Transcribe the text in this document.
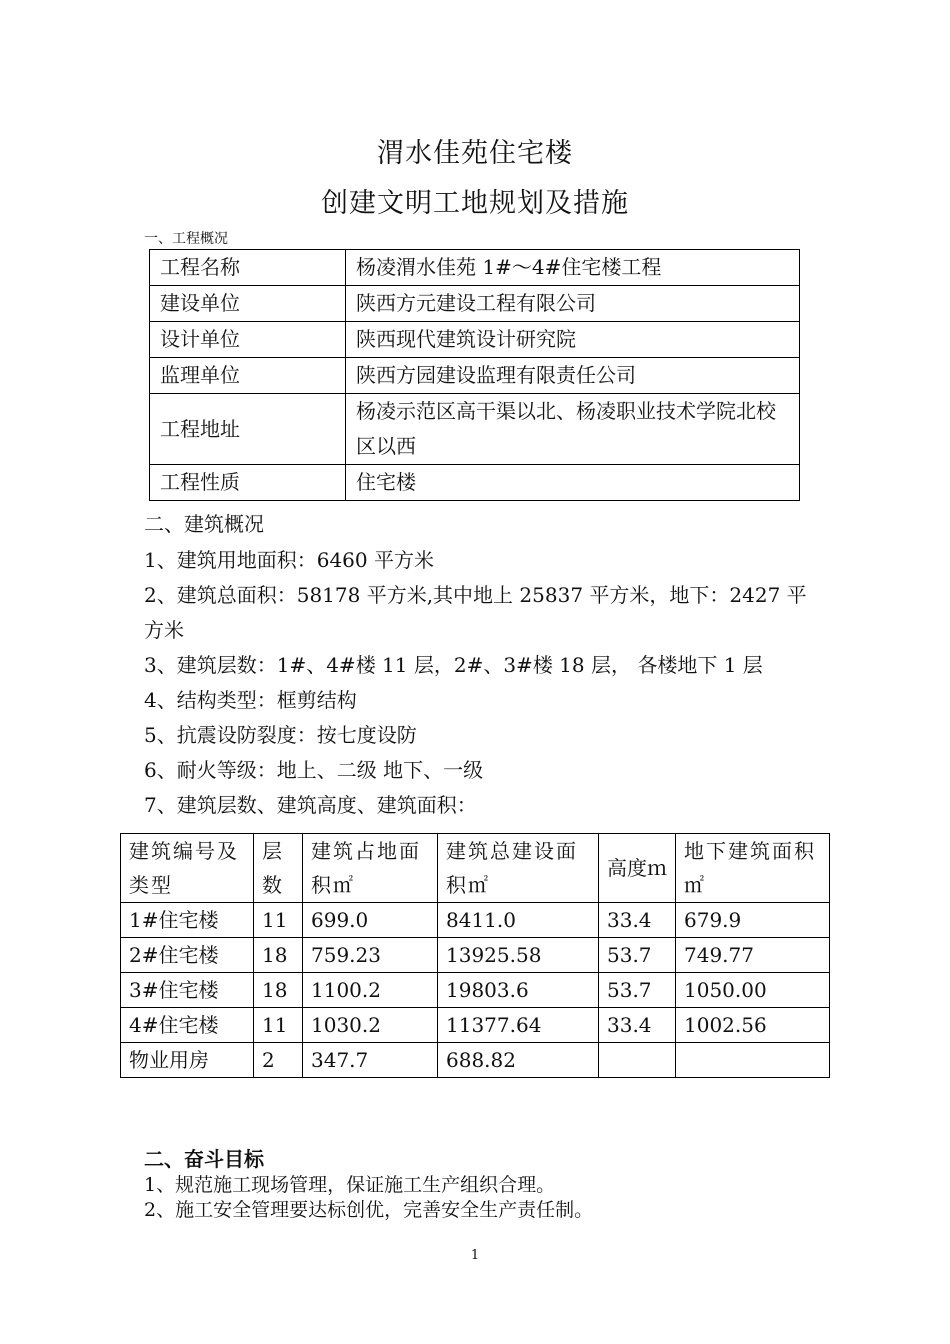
渭水佳苑住宅楼
创建文明工地规划及措施
一、工程概况
工程名称	杨凌渭水佳苑 1#～4#住宅楼工程
建设单位	陕西方元建设工程有限公司
设计单位	陕西现代建筑设计研究院
监理单位	陕西方园建设监理有限责任公司
工程地址	杨凌示范区高干渠以北、杨凌职业技术学院北校区以西
工程性质	住宅楼
二、建筑概况
1、建筑用地面积：6460 平方米
2、建筑总面积：58178 平方米,其中地上 25837 平方米，地下：2427 平
方米
3、建筑层数：1#、4#楼 11 层，2#、3#楼 18 层， 各楼地下 1 层
4、结构类型：框剪结构
5、抗震设防裂度：按七度设防
6、耐火等级：地上、二级 地下、一级
7、建筑层数、建筑高度、建筑面积：
建筑编号及类型	层数	建筑占地面积㎡	建筑总建设面积㎡	高度ｍ	地下建筑面积㎡
1#住宅楼	11	699.0	8411.0	33.4	679.9
2#住宅楼	18	759.23	13925.58	53.7	749.77
3#住宅楼	18	1100.2	19803.6	53.7	1050.00
4#住宅楼	11	1030.2	11377.64	33.4	1002.56
物业用房	2	347.7	688.82		
二、奋斗目标
1、规范施工现场管理，保证施工生产组织合理。
2、施工安全管理要达标创优，完善安全生产责任制。
1
